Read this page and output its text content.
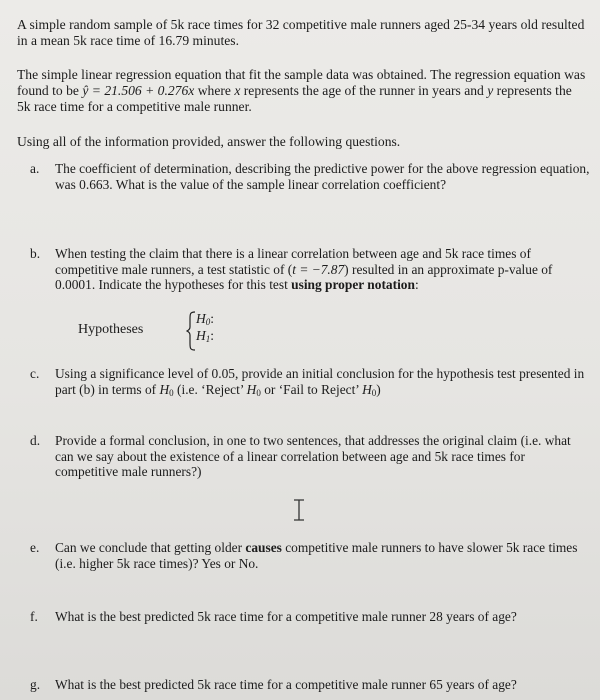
A simple random sample of 5k race times for 32 competitive male runners aged 25-34 years old resulted in a mean 5k race time of 16.79 minutes.
The simple linear regression equation that fit the sample data was obtained. The regression equation was found to be ŷ = 21.506 + 0.276x where x represents the age of the runner in years and y represents the 5k race time for a competitive male runner.
Using all of the information provided, answer the following questions.
a. The coefficient of determination, describing the predictive power for the above regression equation, was 0.663. What is the value of the sample linear correlation coefficient?
b. When testing the claim that there is a linear correlation between age and 5k race times of competitive male runners, a test statistic of (t = −7.87) resulted in an approximate p-value of 0.0001. Indicate the hypotheses for this test using proper notation:
Hypotheses
$H_0$:
$H_1$:
c. Using a significance level of 0.05, provide an initial conclusion for the hypothesis test presented in part (b) in terms of $H_0$ (i.e. ‘Reject’ $H_0$ or ‘Fail to Reject’ $H_0$)
d. Provide a formal conclusion, in one to two sentences, that addresses the original claim (i.e. what can we say about the existence of a linear correlation between age and 5k race times for competitive male runners?)
e. Can we conclude that getting older causes competitive male runners to have slower 5k race times (i.e. higher 5k race times)? Yes or No.
f. What is the best predicted 5k race time for a competitive male runner 28 years of age?
g. What is the best predicted 5k race time for a competitive male runner 65 years of age?
